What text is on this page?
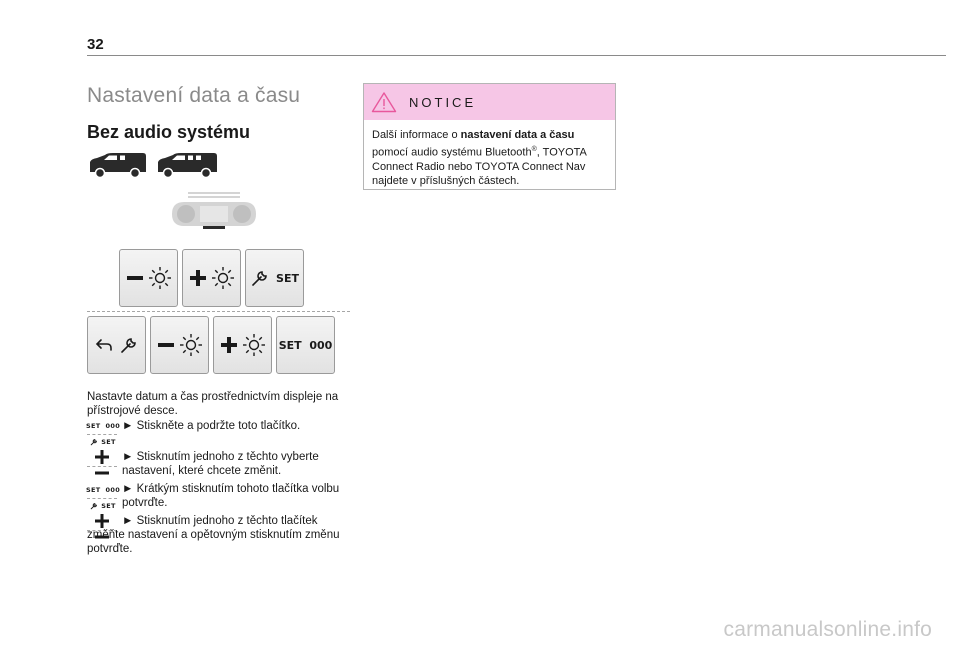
32
Nastavení data a času
Bez audio systému
SET
SET  000
Nastavte datum a čas prostřednictvím displeje na přístrojové desce.
SET  000 ► Stiskněte a podržte toto tlačítko.
SET
► Stisknutím jednoho z těchto vyberte nastavení, které chcete změnit.
SET  000
SET
► Krátkým stisknutím tohoto tlačítka volbu potvrďte.
► Stisknutím jednoho z těchto tlačítek změňte nastavení a opětovným stisknutím změnu potvrďte.
NOTICE
Další informace o nastavení data a času pomocí audio systému Bluetooth®, TOYOTA Connect Radio nebo TOYOTA Connect Nav najdete v příslušných částech.
carmanualsonline.info
